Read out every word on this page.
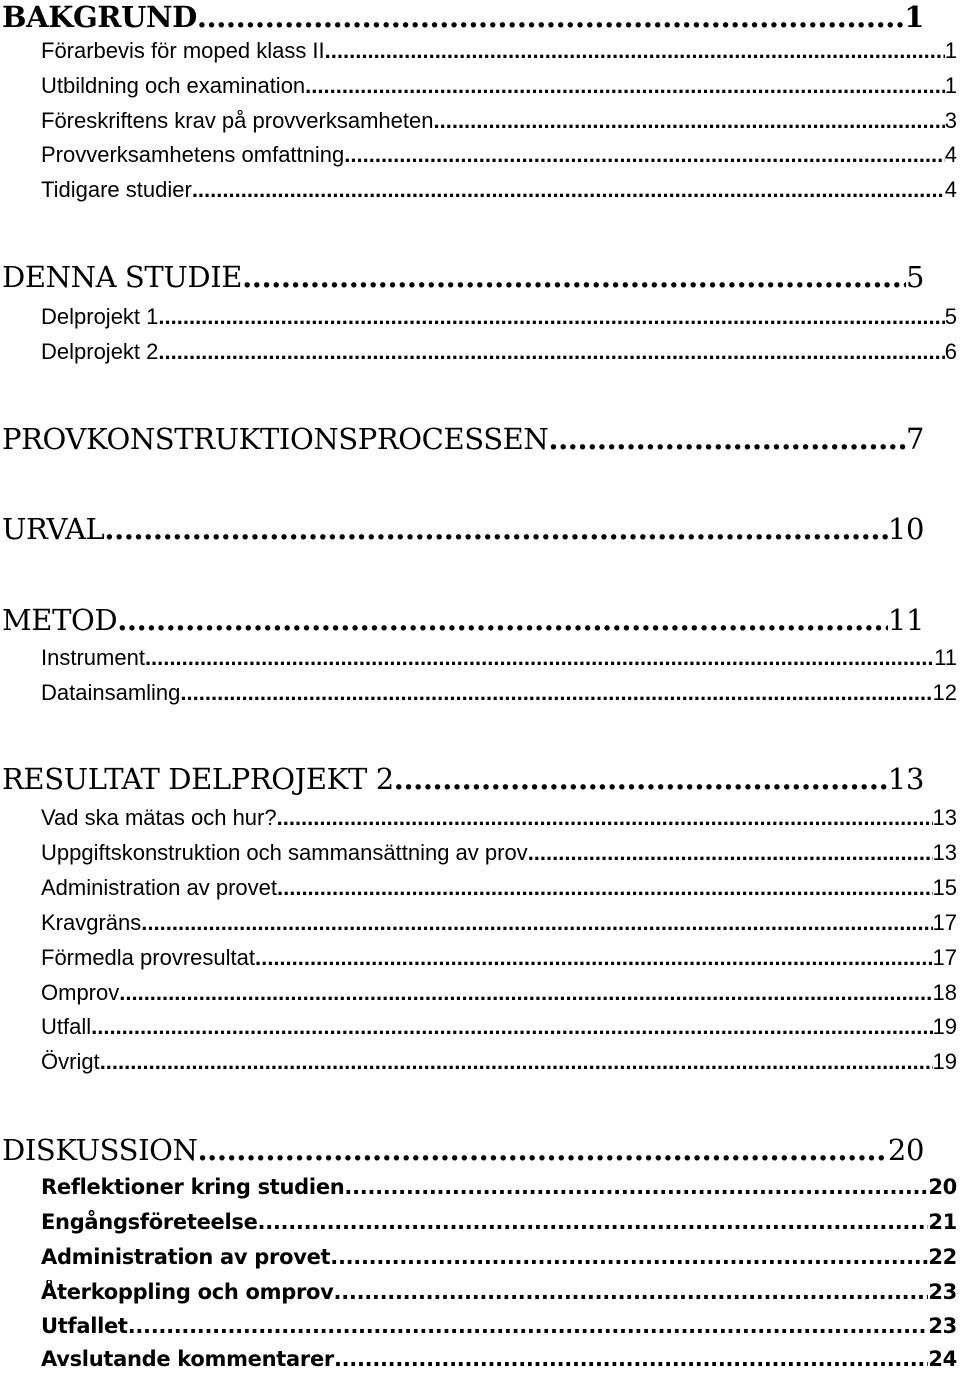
BAKGRUND .....	1
Förarbevis för moped klass II .....	1
Utbildning och examination .....	1
Föreskriftens krav på provverksamheten .....	3
Provverksamhetens omfattning .....	4
Tidigare studier .....	4
DENNA STUDIE .....	5
Delprojekt 1 .....	5
Delprojekt 2 .....	6
PROVKONSTRUKTIONSPROCESSEN .....	7
URVAL .....	10
METOD .....	11
Instrument .....	11
Datainsamling .....	12
RESULTAT DELPROJEKT 2 .....	13
Vad ska mätas och hur? .....	13
Uppgiftskonstruktion och sammansättning av prov .....	13
Administration av provet .....	15
Kravgräns .....	17
Förmedla provresultat .....	17
Omprov .....	18
Utfall .....	19
Övrigt .....	19
DISKUSSION .....	20
Reflektioner kring studien .....	20
Engångsföreteelse .....	21
Administration av provet .....	22
Återkoppling och omprov .....	23
Utfallet .....	23
Avslutande kommentarer .....	24
